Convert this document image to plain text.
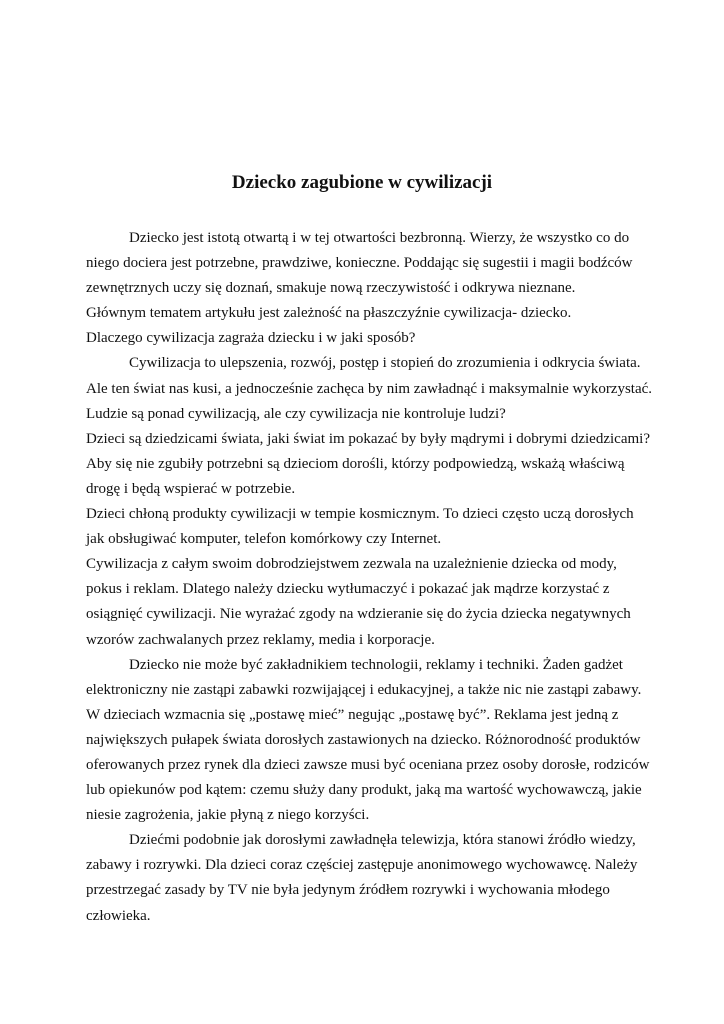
Dziecko zagubione w cywilizacji
Dziecko jest istotą otwartą i w tej otwartości bezbronną. Wierzy, że wszystko co do
niego dociera jest potrzebne, prawdziwe, konieczne. Poddając się sugestii i magii bodźców
zewnętrznych uczy się doznań, smakuje nową rzeczywistość i odkrywa nieznane.
Głównym tematem artykułu jest zależność na płaszczyźnie cywilizacja- dziecko.
Dlaczego cywilizacja zagraża dziecku i w jaki sposób?
Cywilizacja to ulepszenia, rozwój, postęp i stopień do zrozumienia i odkrycia świata.
Ale ten świat nas kusi, a jednocześnie zachęca by nim zawładnąć i maksymalnie wykorzystać.
Ludzie są ponad cywilizacją, ale czy cywilizacja nie kontroluje ludzi?
Dzieci są dziedzicami świata, jaki świat im pokazać by były mądrymi i dobrymi dziedzicami?
Aby się nie zgubiły potrzebni są dzieciom dorośli, którzy podpowiedzą, wskażą właściwą
drogę i będą wspierać w potrzebie.
Dzieci chłoną produkty cywilizacji w tempie kosmicznym. To dzieci często uczą dorosłych
jak obsługiwać komputer, telefon komórkowy czy Internet.
Cywilizacja z całym swoim dobrodziejstwem zezwala na uzależnienie dziecka od mody,
pokus i reklam. Dlatego należy dziecku wytłumaczyć i pokazać jak mądrze korzystać z
osiągnięć cywilizacji. Nie wyrażać zgody na wdzieranie się do życia dziecka negatywnych
wzorów zachwalanych przez reklamy, media i korporacje.
Dziecko nie może być zakładnikiem technologii, reklamy i techniki. Żaden gadżet
elektroniczny nie zastąpi zabawki rozwijającej i edukacyjnej, a także nic nie zastąpi zabawy.
W dzieciach wzmacnia się „postawę mieć” negując „postawę być”. Reklama jest jedną z
największych pułapek świata dorosłych zastawionych na dziecko. Różnorodność produktów
oferowanych przez rynek dla dzieci zawsze musi być oceniana przez osoby dorosłe, rodziców
lub opiekunów pod kątem: czemu służy dany produkt, jaką ma wartość wychowawczą, jakie
niesie zagrożenia, jakie płyną z niego korzyści.
Dziećmi podobnie jak dorosłymi zawładnęła telewizja, która stanowi źródło wiedzy,
zabawy i rozrywki. Dla dzieci coraz częściej zastępuje anonimowego wychowawcę. Należy
przestrzegać zasady by TV nie była jedynym źródłem rozrywki i wychowania młodego
człowieka.
